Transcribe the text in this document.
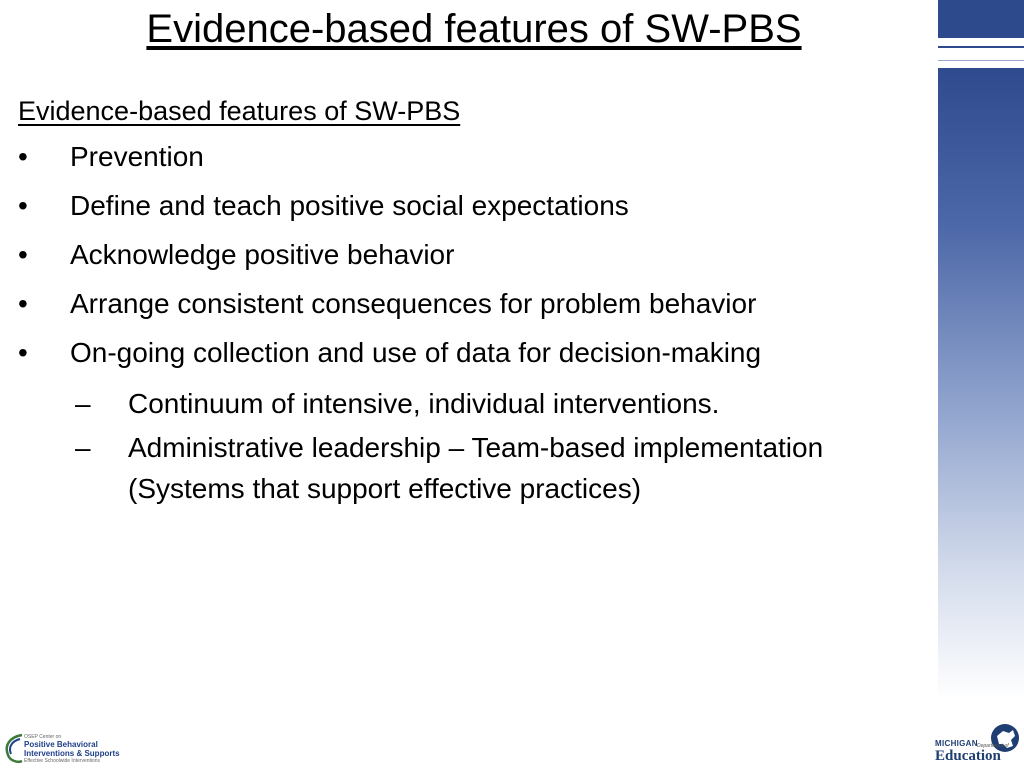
Evidence-based features of SW-PBS
Evidence-based features of SW-PBS
• Prevention
• Define and teach positive social expectations
• Acknowledge positive behavior
• Arrange consistent consequences for problem behavior
• On-going collection and use of data for decision-making
– Continuum of intensive, individual interventions.
– Administrative leadership – Team-based implementation (Systems that support effective practices)
OSEP Center on
Positive Behavioral
Interventions & Supports
Effective Schoolwide Interventions
MICHIGAN Department of
Education
